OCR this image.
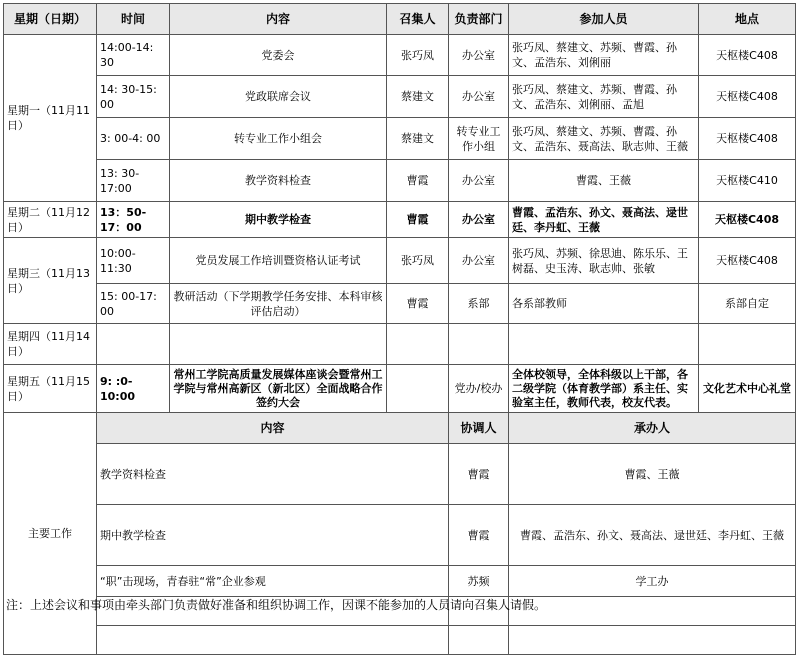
星期（日期）	时间	内容	召集人	负责部门	参加人员	地点	
星期一（11月11日）	14:00-14: 30	党委会	张巧凤	办公室	张巧凤、蔡建文、苏频、曹霞、孙文、孟浩东、刘俐丽	天枢楼C408	
	14: 30-15: 00	党政联席会议	蔡建文	办公室	张巧凤、蔡建文、苏频、曹霞、孙文、孟浩东、刘俐丽、孟旭	天枢楼C408	
	3: 00-4: 00	转专业工作小组会	蔡建文	转专业工作小组	张巧凤、蔡建文、苏频、曹霞、孙文、孟浩东、聂高法、耿志帅、王薇	天枢楼C408	
	13: 30-17:00	教学资料检查	曹霞	办公室	曹霞、王薇	天枢楼C410	
星期二（11月12日）	13：50-17：00	期中教学检查	曹霞	办公室	曹霞、孟浩东、孙文、聂高法、逯世廷、李丹虹、王薇	天枢楼C408	
星期三（11月13日）	10:00-11:30	党员发展工作培训暨资格认证考试	张巧凤	办公室	张巧凤、苏频、徐思迪、陈乐乐、王树磊、史玉涛、耿志帅、张敏	天枢楼C408	
	15: 00-17: 00	教研活动（下学期教学任务安排、本科审核评估启动）	曹霞	系部	各系部教师	系部自定	
星期四（11月14日）							
星期五（11月15日）	9: :0-10:00	常州工学院高质量发展媒体座谈会暨常州工学院与常州高新区（新北区）全面战略合作签约大会		党办/校办	全体校领导，全体科级以上干部，各二级学院（体育教学部）系主任、实验室主任，教师代表，校友代表。	文化艺术中心礼堂	
主要工作	内容			协调人	承办人	
	教学资料检查			曹霞	曹霞、王薇	
	期中教学检查			曹霞	曹霞、孟浩东、孙文、聂高法、逯世廷、李丹虹、王薇	
	“职”击现场，青春驻“常”企业参观			苏频	学工办	

注：上述会议和事项由牵头部门负责做好准备和组织协调工作，因课不能参加的人员请向召集人请假。
